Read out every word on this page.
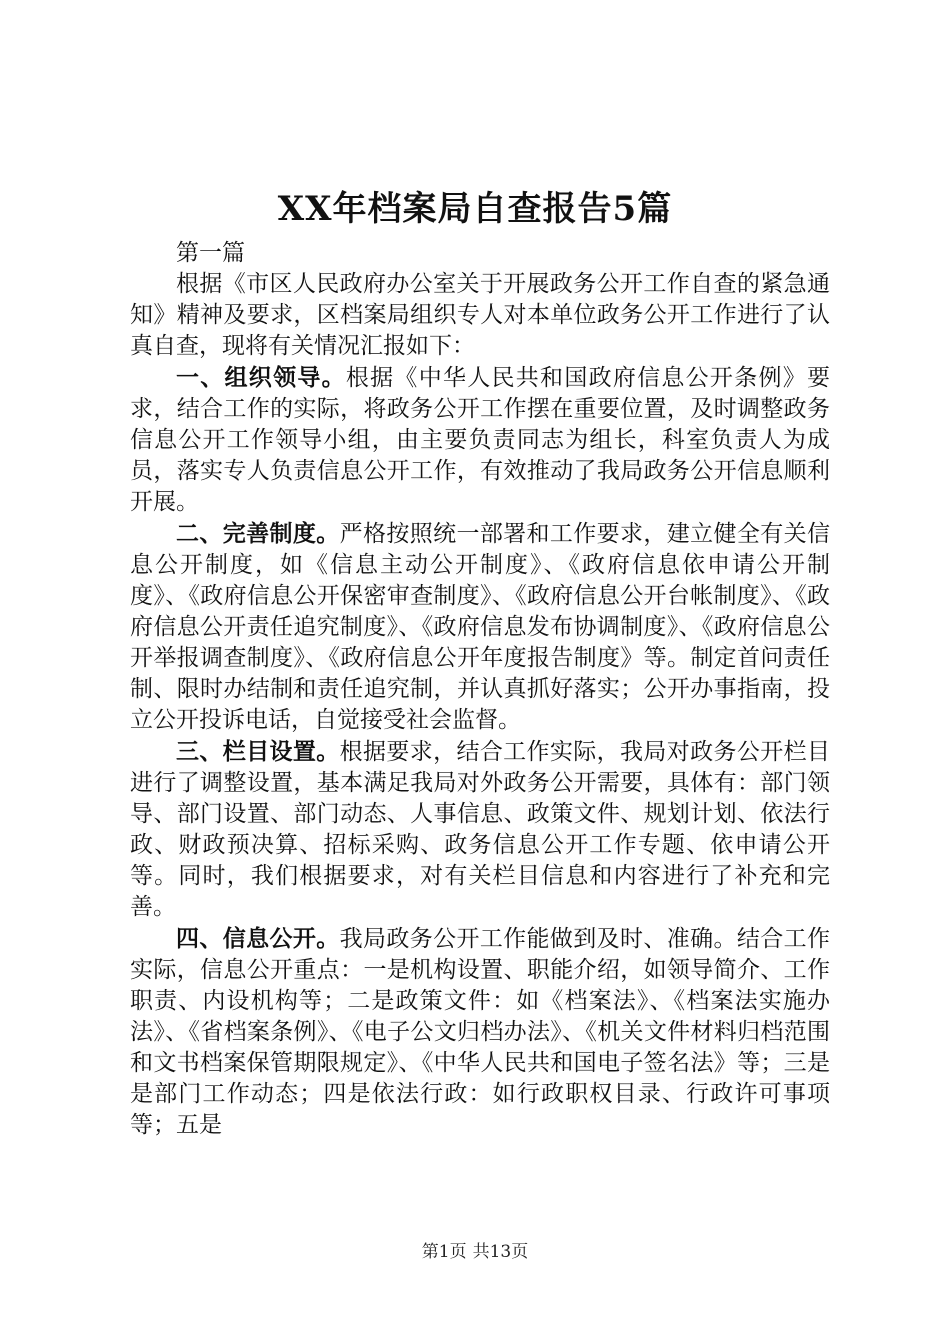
XX年档案局自查报告5篇

第一篇

根据《市区人民政府办公室关于开展政务公开工作自查的紧急通知》精神及要求，区档案局组织专人对本单位政务公开工作进行了认真自查，现将有关情况汇报如下：

一、组织领导。根据《中华人民共和国政府信息公开条例》要求，结合工作的实际，将政务公开工作摆在重要位置，及时调整政务信息公开工作领导小组，由主要负责同志为组长，科室负责人为成员，落实专人负责信息公开工作，有效推动了我局政务公开信息顺利开展。

二、完善制度。严格按照统一部署和工作要求，建立健全有关信息公开制度，如《信息主动公开制度》、《政府信息依申请公开制度》、《政府信息公开保密审查制度》、《政府信息公开台帐制度》、《政府信息公开责任追究制度》、《政府信息发布协调制度》、《政府信息公开举报调查制度》、《政府信息公开年度报告制度》等。制定首问责任制、限时办结制和责任追究制，并认真抓好落实；公开办事指南，投立公开投诉电话，自觉接受社会监督。

三、栏目设置。根据要求，结合工作实际，我局对政务公开栏目进行了调整设置，基本满足我局对外政务公开需要，具体有：部门领导、部门设置、部门动态、人事信息、政策文件、规划计划、依法行政、财政预决算、招标采购、政务信息公开工作专题、依申请公开等。同时，我们根据要求，对有关栏目信息和内容进行了补充和完善。

四、信息公开。我局政务公开工作能做到及时、准确。结合工作实际，信息公开重点：一是机构设置、职能介绍，如领导简介、工作职责、内设机构等；二是政策文件：如《档案法》、《档案法实施办法》、《省档案条例》、《电子公文归档办法》、《机关文件材料归档范围和文书档案保管期限规定》、《中华人民共和国电子签名法》等；三是是部门工作动态；四是依法行政：如行政职权目录、行政许可事项等；五是

第1页 共13页
